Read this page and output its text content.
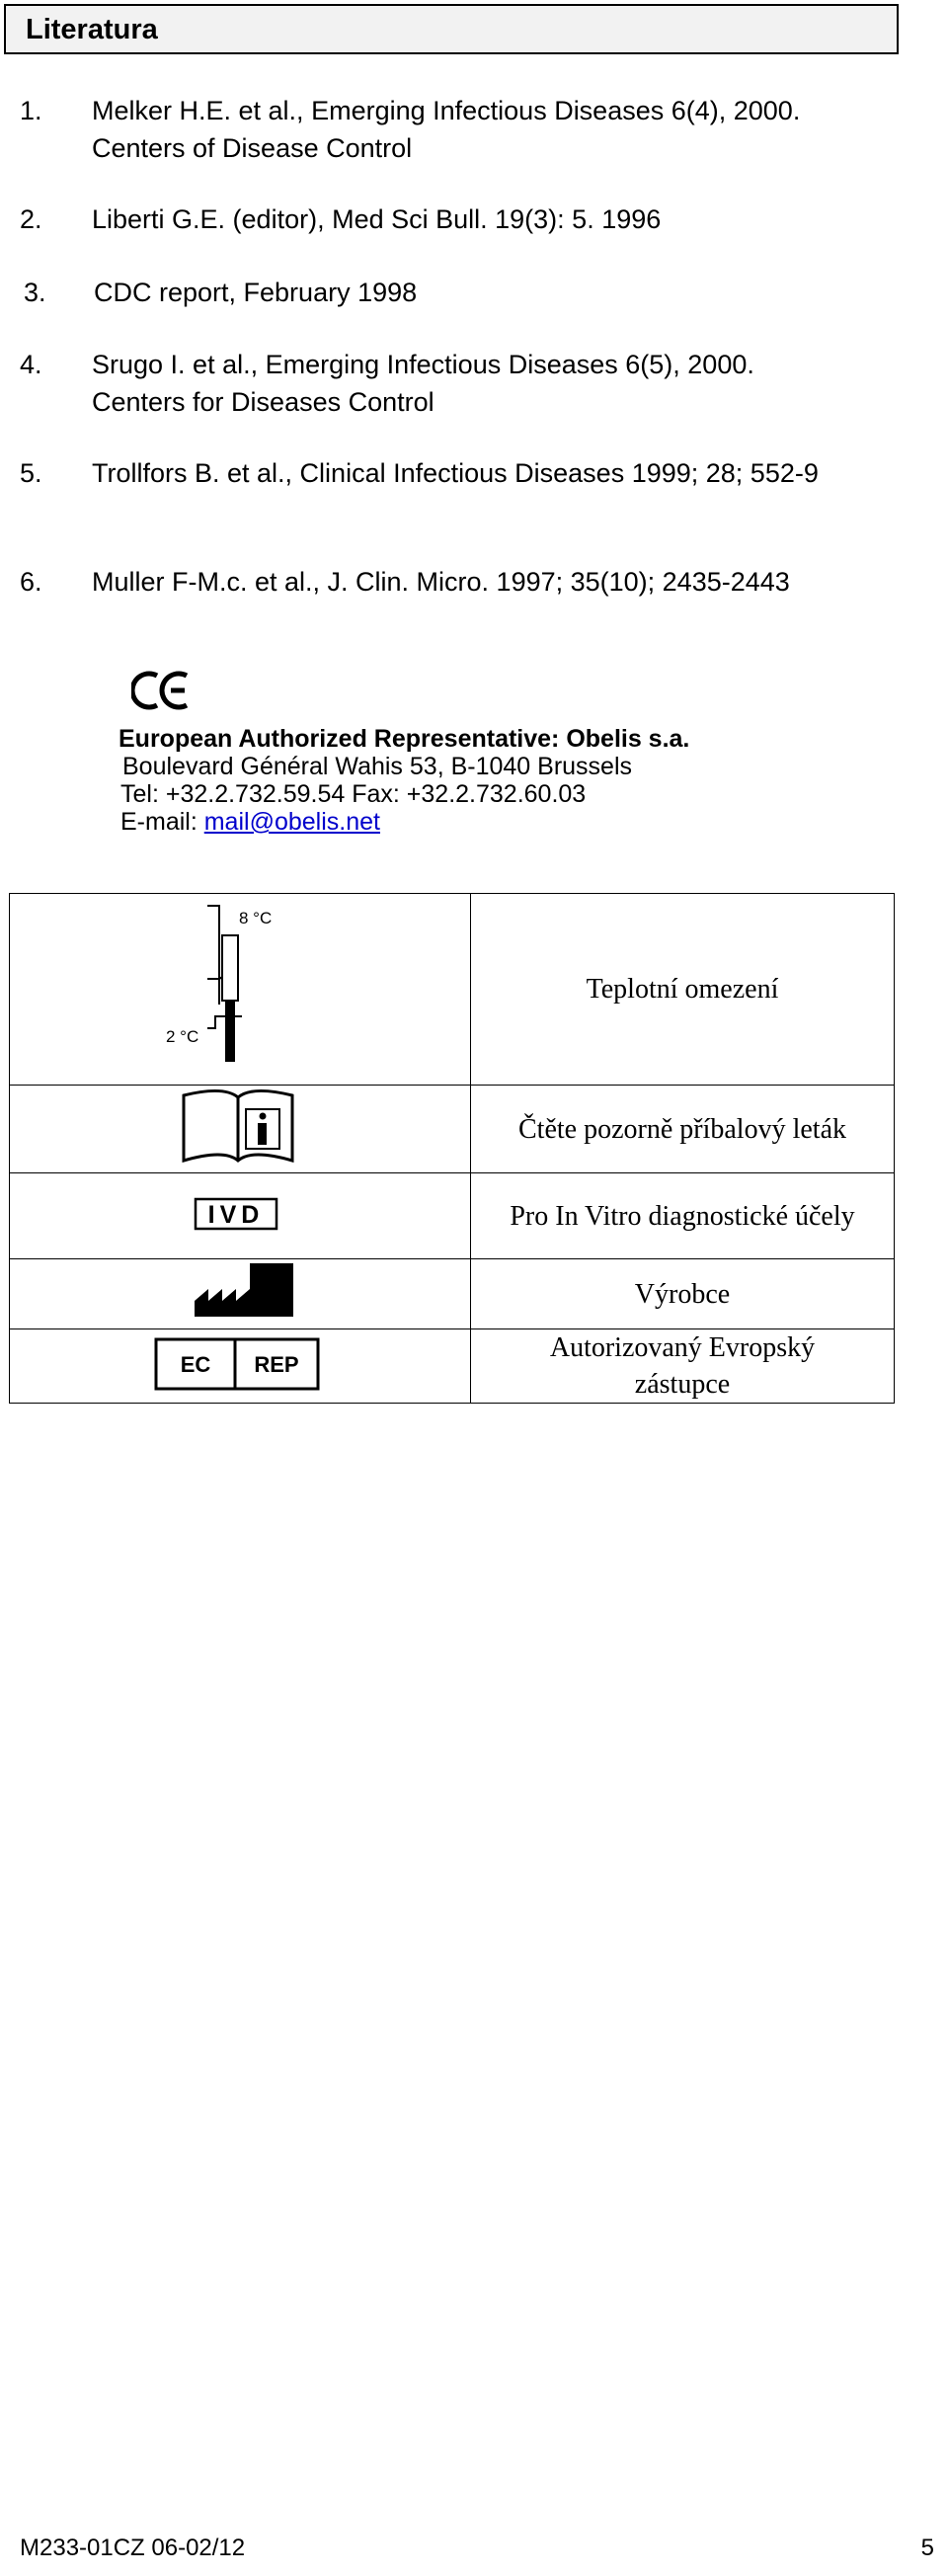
Literatura
1. Melker H.E. et al., Emerging Infectious Diseases 6(4), 2000. Centers of Disease Control
2. Liberti G.E. (editor), Med Sci Bull. 19(3): 5. 1996
3. CDC report, February 1998
4. Srugo I. et al., Emerging Infectious Diseases 6(5), 2000. Centers for Diseases Control
5. Trollfors B. et al., Clinical Infectious Diseases 1999; 28; 552-9
6. Muller F-M.c. et al., J. Clin. Micro. 1997; 35(10); 2435-2443
European Authorized Representative: Obelis s.a.
Boulevard Général Wahis 53, B-1040 Brussels
Tel: +32.2.732.59.54 Fax: +32.2.732.60.03
E-mail: mail@obelis.net
8 °C
2 °C	Teplotní omezení
	Čtěte pozorně příbalový leták

IVD	Pro In Vitro diagnostické účely
	Výrobce

EC REP	Autorizovaný Evropský zástupce
M233-01CZ 06-02/12	5
